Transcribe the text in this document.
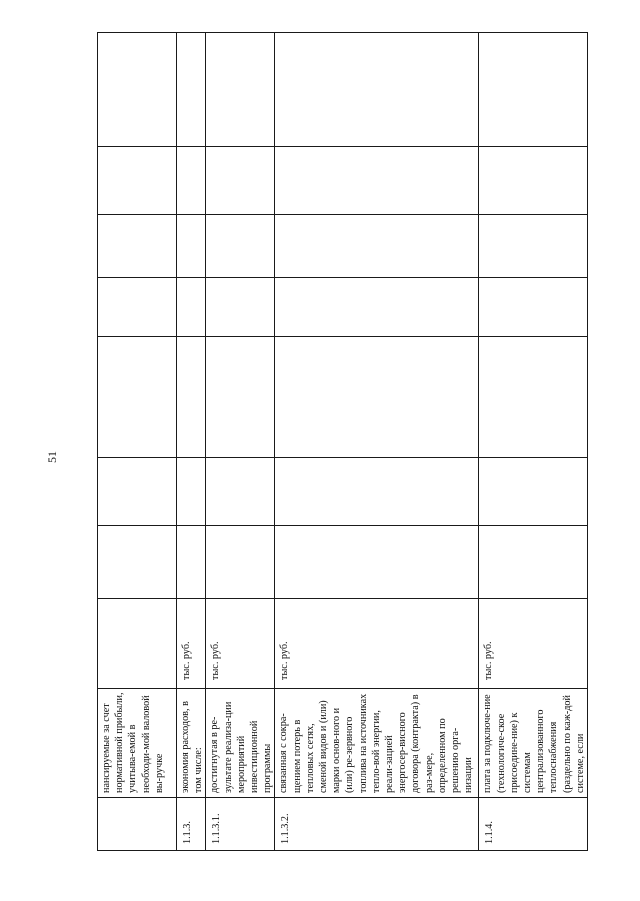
51
	нансируемые за счет нормативной прибыли, учитыва-емой в необходи-мой валовой вы-ручке								
1.1.3.	экономия расходов, в том числе:	тыс. руб.							
1.1.3.1.	достигнутая в ре-зультате реализа-ции мероприятий инвестиционной программы	тыс. руб.							
1.1.3.2.	связанная с сокра-щением потерь в тепловых сетях, сменой видов и (или) марки основ-ного и (или) ре-зервного топлива на источниках тепло-вой энергии, реали-зацией энергосер-висного договора (контракта) в раз-мере, определенном по решению орга-низации	тыс. руб.							
1.1.4.	плата за подключе-ние (технологиче-ское присоедине-ние) к системам централизованного теплоснабжения (раздельно по каж-дой системе, если	тыс. руб.							
